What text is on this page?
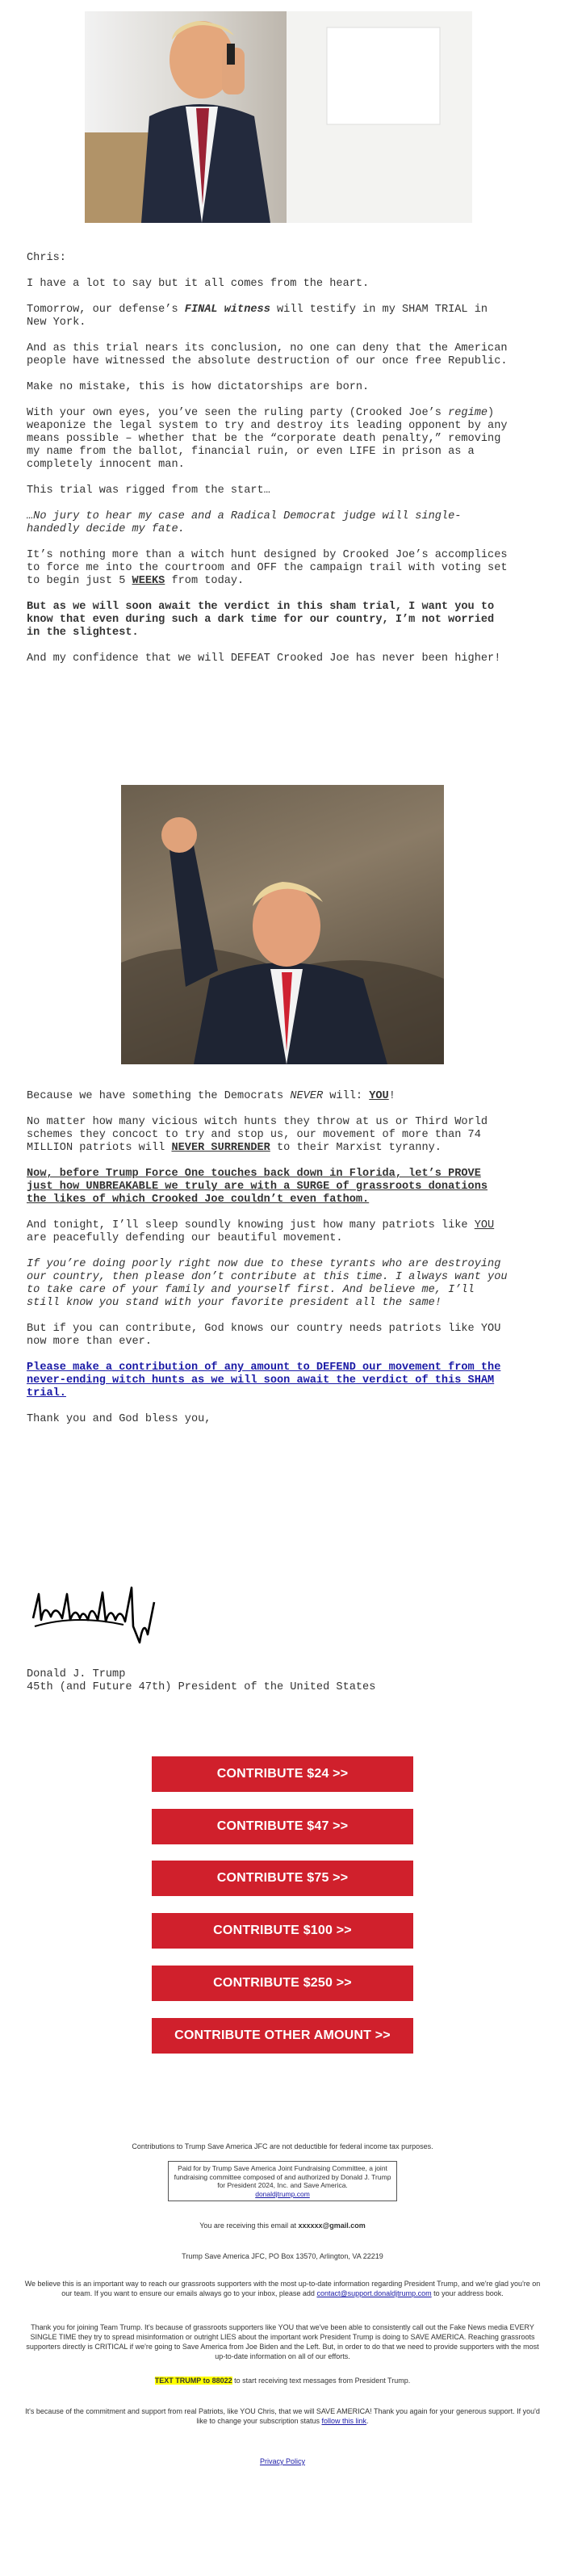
Chris:

I have a lot to say but it all comes from the heart.

Tomorrow, our defense’s FINAL witness will testify in my SHAM TRIAL in New York.

And as this trial nears its conclusion, no one can deny that the American people have witnessed the absolute destruction of our once free Republic.

Make no mistake, this is how dictatorships are born.

With your own eyes, you’ve seen the ruling party (Crooked Joe’s regime) weaponize the legal system to try and destroy its leading opponent by any means possible – whether that be the “corporate death penalty,” removing my name from the ballot, financial ruin, or even LIFE in prison as a completely innocent man.

This trial was rigged from the start…

…No jury to hear my case and a Radical Democrat judge will single-handedly decide my fate.

It’s nothing more than a witch hunt designed by Crooked Joe’s accomplices to force me into the courtroom and OFF the campaign trail with voting set to begin just 5 WEEKS from today.

But as we will soon await the verdict in this sham trial, I want you to know that even during such a dark time for our country, I’m not worried in the slightest.

And my confidence that we will DEFEAT Crooked Joe has never been higher!

Because we have something the Democrats NEVER will: YOU!

No matter how many vicious witch hunts they throw at us or Third World schemes they concoct to try and stop us, our movement of more than 74 MILLION patriots will NEVER SURRENDER to their Marxist tyranny.

Now, before Trump Force One touches back down in Florida, let’s PROVE just how UNBREAKABLE we truly are with a SURGE of grassroots donations the likes of which Crooked Joe couldn’t even fathom.

And tonight, I’ll sleep soundly knowing just how many patriots like YOU are peacefully defending our beautiful movement.

If you’re doing poorly right now due to these tyrants who are destroying our country, then please don’t contribute at this time. I always want you to take care of your family and yourself first. And believe me, I’ll still know you stand with your favorite president all the same!

But if you can contribute, God knows our country needs patriots like YOU now more than ever.

Please make a contribution of any amount to DEFEND our movement from the never-ending witch hunts as we will soon await the verdict of this SHAM trial.

Thank you and God bless you,

Donald J. Trump

45th (and Future 47th) President of the United States

CONTRIBUTE $24 >>
CONTRIBUTE $47 >>
CONTRIBUTE $75 >>
CONTRIBUTE $100 >>
CONTRIBUTE $250 >>
CONTRIBUTE OTHER AMOUNT >>
Contributions to Trump Save America JFC are not deductible for federal income tax purposes.
Paid for by Trump Save America Joint Fundraising Committee, a joint fundraising committee composed of and authorized by Donald J. Trump for President 2024, Inc. and Save America.
donaldjtrump.com
You are receiving this email at xxxxxx@gmail.com
Trump Save America JFC, PO Box 13570, Arlington, VA 22219
We believe this is an important way to reach our grassroots supporters with the most up-to-date information regarding President Trump, and we're glad you're on our team. If you want to ensure our emails always go to your inbox, please add contact@support.donaldjtrump.com to your address book.
Thank you for joining Team Trump. It's because of grassroots supporters like YOU that we've been able to consistently call out the Fake News media EVERY SINGLE TIME they try to spread misinformation or outright LIES about the important work President Trump is doing to SAVE AMERICA. Reaching grassroots supporters directly is CRITICAL if we're going to Save America from Joe Biden and the Left. But, in order to do that we need to provide supporters with the most up-to-date information on all of our efforts.
TEXT TRUMP to 88022 to start receiving text messages from President Trump.
It's because of the commitment and support from real Patriots, like YOU Chris, that we will SAVE AMERICA! Thank you again for your generous support. If you'd like to change your subscription status follow this link.
Privacy Policy
